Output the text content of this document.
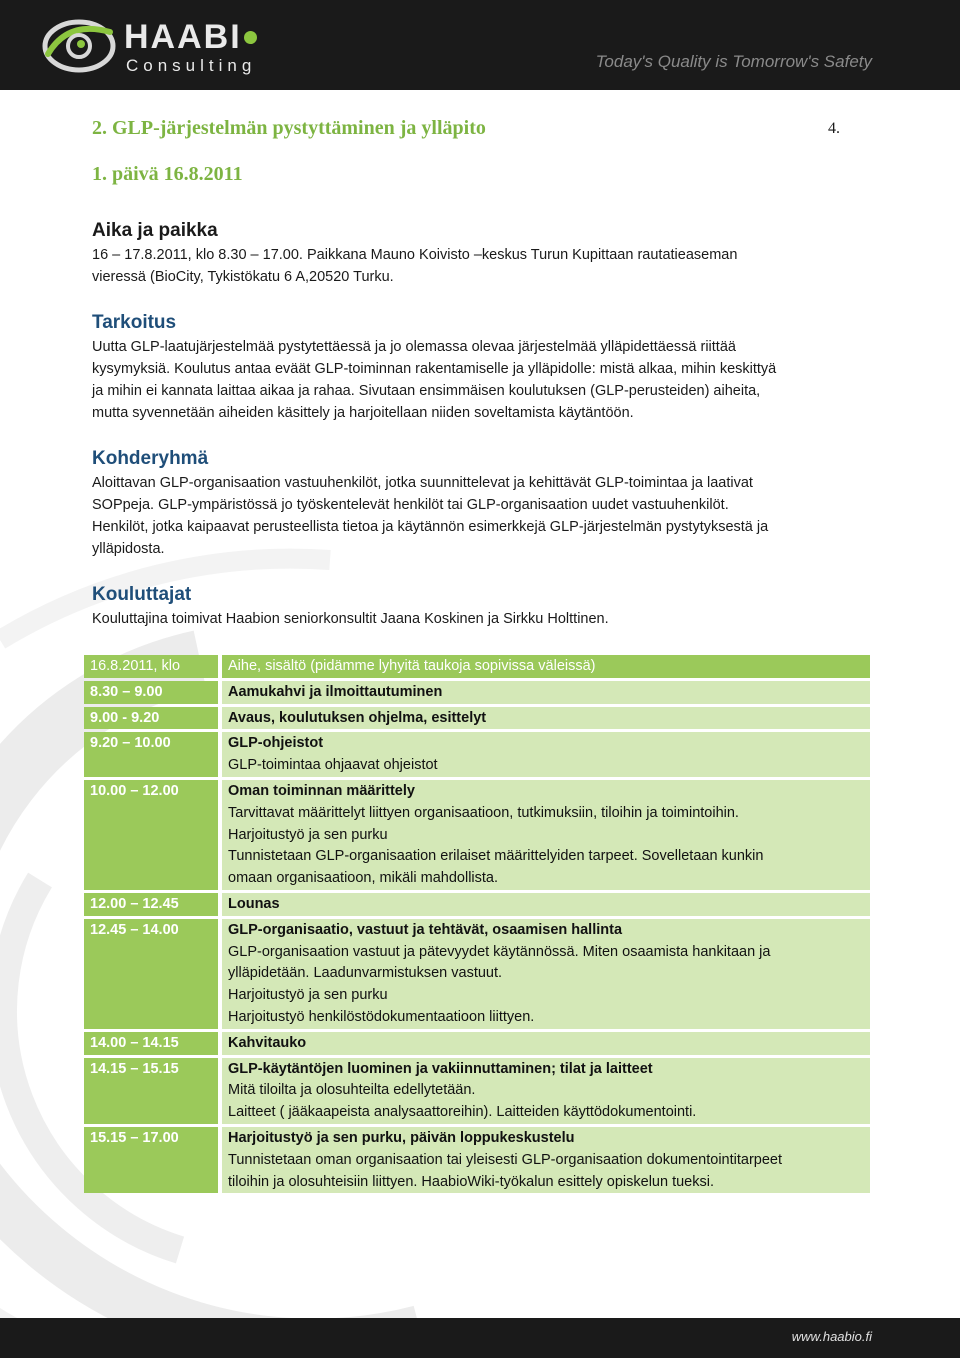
HAABI
Consulting	Today's Quality is Tomorrow's Safety
2. GLP-järjestelmän pystyttäminen ja ylläpito	4.
1. päivä 16.8.2011
Aika ja paikka
16 – 17.8.2011, klo 8.30 – 17.00. Paikkana Mauno Koivisto –keskus Turun Kupittaan rautatieaseman
vieressä (BioCity, Tykistökatu 6 A,20520 Turku.
Tarkoitus
Uutta GLP-laatujärjestelmää pystytettäessä ja jo olemassa olevaa järjestelmää ylläpidettäessä riittää
kysymyksiä. Koulutus antaa eväät GLP-toiminnan rakentamiselle ja ylläpidolle: mistä alkaa, mihin keskittyä
ja mihin ei kannata laittaa aikaa ja rahaa. Sivutaan ensimmäisen koulutuksen (GLP-perusteiden) aiheita,
mutta syvennetään aiheiden käsittely ja harjoitellaan niiden soveltamista käytäntöön.
Kohderyhmä
Aloittavan GLP-organisaation vastuuhenkilöt, jotka suunnittelevat ja kehittävät GLP-toimintaa ja laativat
SOPpeja. GLP-ympäristössä jo työskentelevät henkilöt tai GLP-organisaation uudet vastuuhenkilöt.
Henkilöt, jotka kaipaavat perusteellista tietoa ja käytännön esimerkkejä GLP-järjestelmän pystytyksestä ja
ylläpidosta.
Kouluttajat
Kouluttajina toimivat Haabion seniorkonsultit Jaana Koskinen ja Sirkku Holttinen.
16.8.2011, klo	Aihe, sisältö (pidämme lyhyitä taukoja sopivissa väleissä)
8.30 – 9.00	Aamukahvi ja ilmoittautuminen

9.00 - 9.20	Avaus, koulutuksen ohjelma, esittelyt

9.20 – 10.00	GLP-ohjeistot
GLP-toimintaa ohjaavat ohjeistot

10.00 – 12.00	Oman toiminnan määrittely
Tarvittavat määrittelyt liittyen organisaatioon, tutkimuksiin, tiloihin ja toimintoihin.
Harjoitustyö ja sen purku
Tunnistetaan GLP-organisaation erilaiset määrittelyiden tarpeet. Sovelletaan kunkin
omaan organisaatioon, mikäli mahdollista.

12.00 – 12.45	Lounas

12.45 – 14.00	GLP-organisaatio, vastuut ja tehtävät, osaamisen hallinta
GLP-organisaation vastuut ja pätevyydet käytännössä. Miten osaamista hankitaan ja
ylläpidetään. Laadunvarmistuksen vastuut.
Harjoitustyö ja sen purku
Harjoitustyö henkilöstödokumentaatioon liittyen.

14.00 – 14.15	Kahvitauko

14.15 – 15.15	GLP-käytäntöjen luominen ja vakiinnuttaminen; tilat ja laitteet
Mitä tiloilta ja olosuhteilta edellytetään.
Laitteet ( jääkaapeista analysaattoreihin). Laitteiden käyttödokumentointi.

15.15 – 17.00	Harjoitustyö ja sen purku, päivän loppukeskustelu
Tunnistetaan oman organisaation tai yleisesti GLP-organisaation dokumentointitarpeet
tiloihin ja olosuhteisiin liittyen. HaabioWiki-työkalun esittely opiskelun tueksi.
www.haabio.fi
